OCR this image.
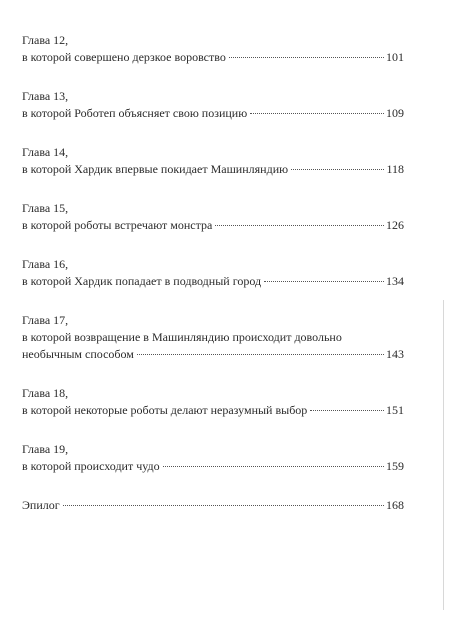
Глава 12,
в которой совершено дерзкое воровство	101
Глава 13,
в которой Роботеп объясняет свою позицию	109
Глава 14,
в которой Хардик впервые покидает Машинляндию	118
Глава 15,
в которой роботы встречают монстра	126
Глава 16,
в которой Хардик попадает в подводный город	134
Глава 17,
в которой возвращение в Машинляндию происходит довольно
необычным способом	143
Глава 18,
в которой некоторые роботы делают неразумный выбор	151
Глава 19,
в которой происходит чудо	159
Эпилог	168
